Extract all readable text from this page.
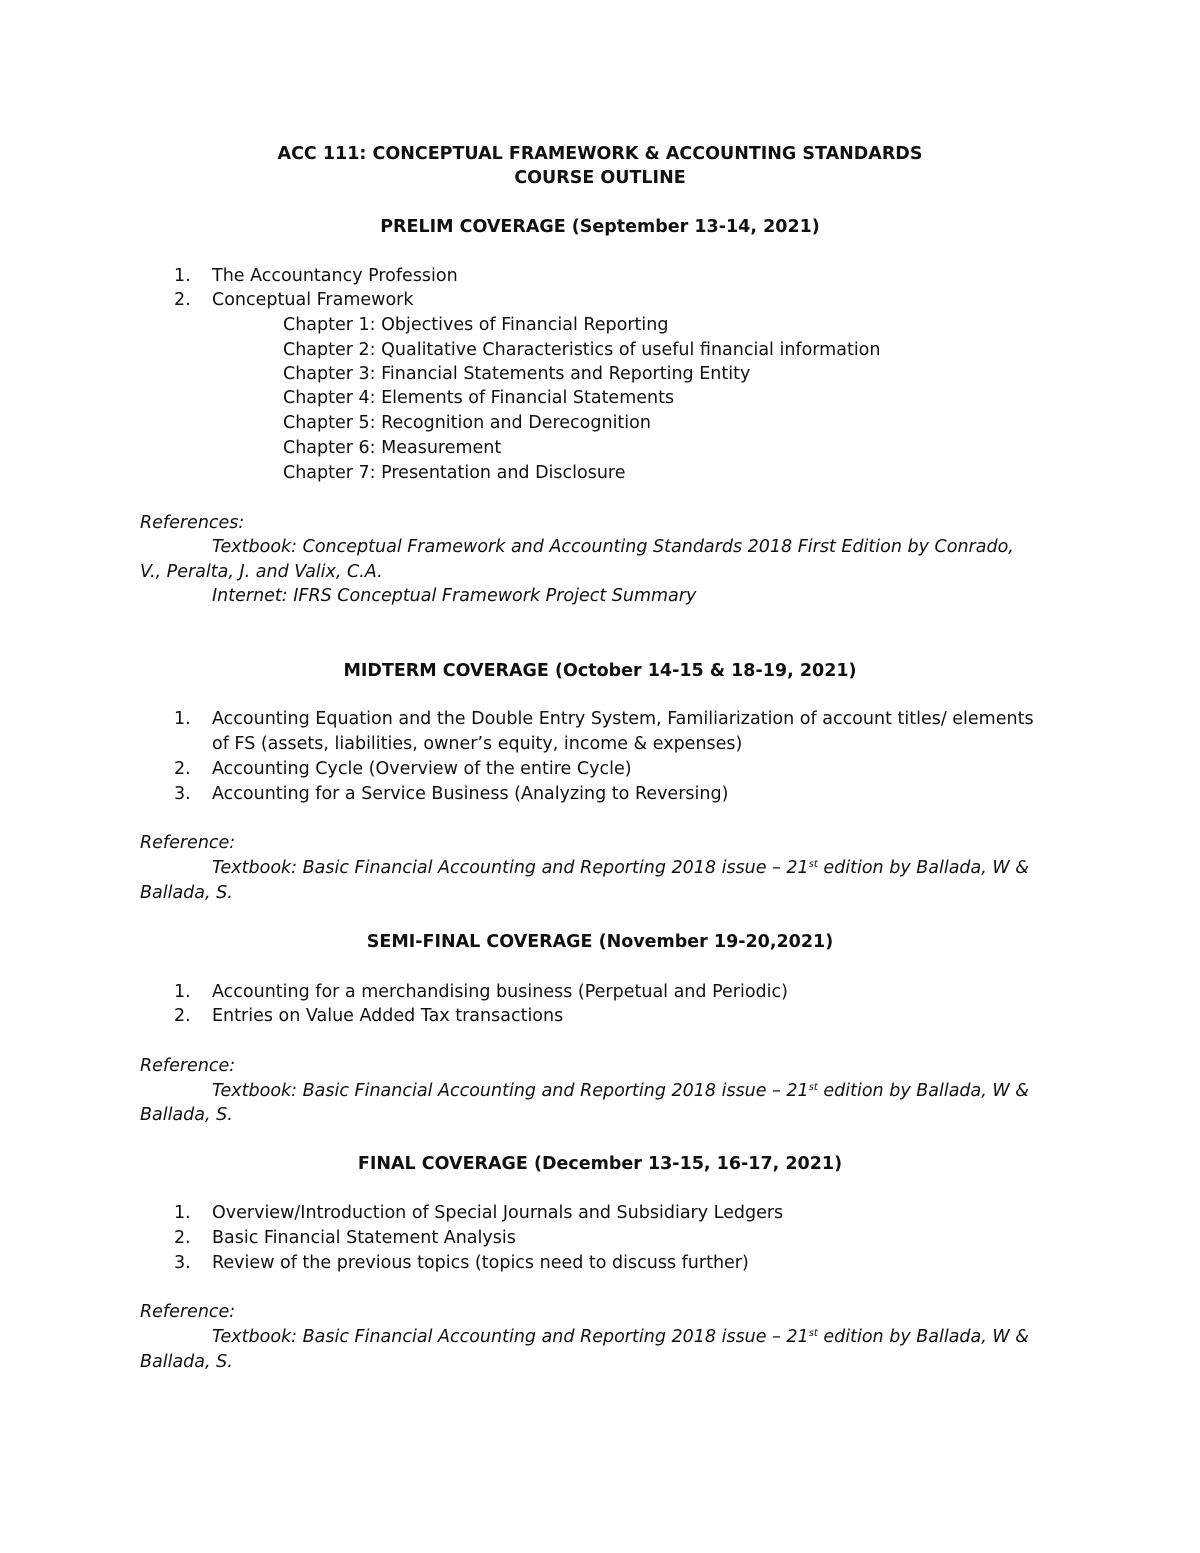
ACC 111: CONCEPTUAL FRAMEWORK & ACCOUNTING STANDARDS
COURSE OUTLINE
PRELIM COVERAGE (September 13-14, 2021)
1.	The Accountancy Profession
2.	Conceptual Framework
Chapter 1: Objectives of Financial Reporting
Chapter 2: Qualitative Characteristics of useful financial information
Chapter 3: Financial Statements and Reporting Entity
Chapter 4: Elements of Financial Statements
Chapter 5: Recognition and Derecognition
Chapter 6: Measurement
Chapter 7: Presentation and Disclosure
References:
Textbook: Conceptual Framework and Accounting Standards 2018 First Edition by Conrado,
V., Peralta, J. and Valix, C.A.
Internet: IFRS Conceptual Framework Project Summary
MIDTERM COVERAGE (October 14-15 & 18-19, 2021)
1.	Accounting Equation and the Double Entry System, Familiarization of account titles/ elements
of FS (assets, liabilities, owner’s equity, income & expenses)
2.	Accounting Cycle (Overview of the entire Cycle)
3.	Accounting for a Service Business (Analyzing to Reversing)
Reference:
Textbook: Basic Financial Accounting and Reporting 2018 issue – 21st edition by Ballada, W &
Ballada, S.
SEMI-FINAL COVERAGE (November 19-20,2021)
1.	Accounting for a merchandising business (Perpetual and Periodic)
2.	Entries on Value Added Tax transactions
Reference:
Textbook: Basic Financial Accounting and Reporting 2018 issue – 21st edition by Ballada, W &
Ballada, S.
FINAL COVERAGE (December 13-15, 16-17, 2021)
1.	Overview/Introduction of Special Journals and Subsidiary Ledgers
2.	Basic Financial Statement Analysis
3.	Review of the previous topics (topics need to discuss further)
Reference:
Textbook: Basic Financial Accounting and Reporting 2018 issue – 21st edition by Ballada, W &
Ballada, S.
